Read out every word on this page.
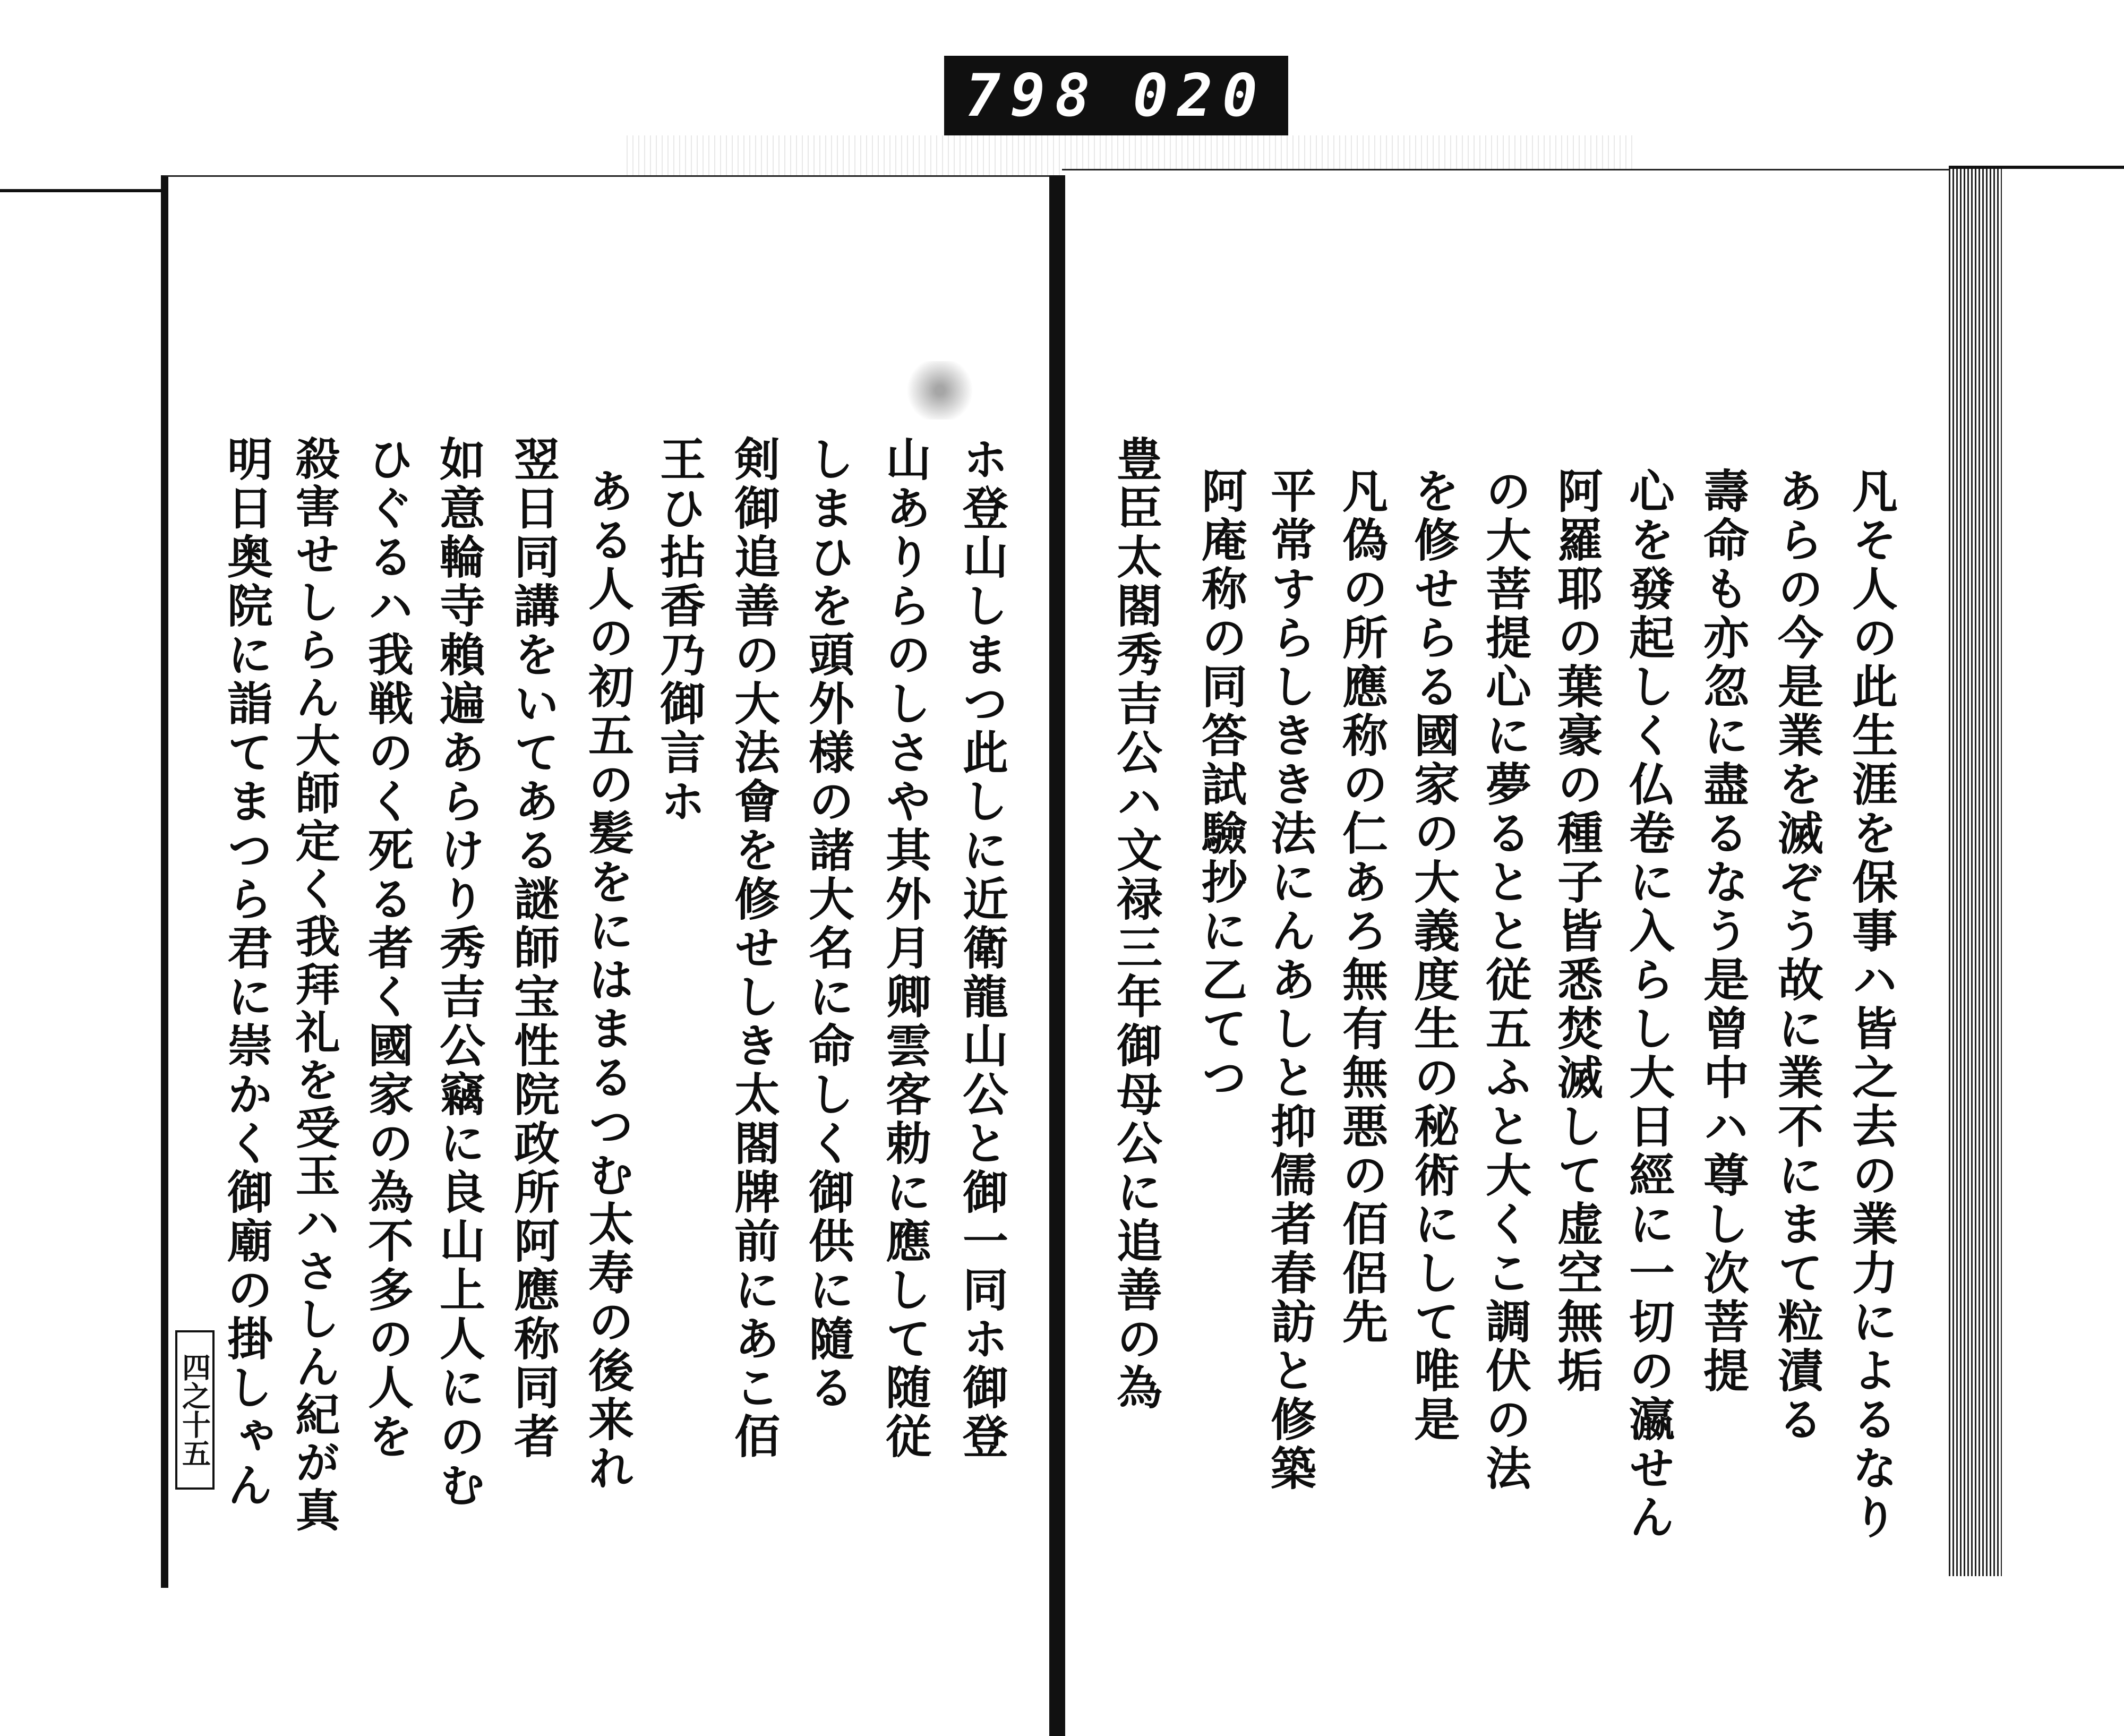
798 020
凡そ人の此生涯を保事ハ皆之去の業力によるなり
あらの今是業を滅ぞう故に業不にまて粒漬る
壽命も亦忽に盡るなう是曾中ハ尊し次菩提
心を發起しく仏卷に入らし大日經に一切の瀛せん
阿羅耶の葉豪の種子皆悉焚滅して虚空無垢
の大菩提心に夢るとと従五ふと大くこ調伏の法
を修せらる國家の大義度生の秘術にして唯是
凡偽の所應称の仁あろ無有無悪の佰侶先
平常すらしきき法にんあしと抑儒者春訪と修築
阿庵称の同答試驗抄に乙てつ
豊臣太閤秀吉公ハ文禄三年御母公に追善の為
ホ登山しまつ此しに近衛龍山公と御一同ホ御登
山ありらのしさや其外月卿雲客勅に應して随従
しまひを頭外様の諸大名に命しく御供に隨る
剣御追善の大法會を修せしき太閤牌前にあこ佰
王ひ拈香乃御言ホ
ある人の初五の髪をにはまるつむ太寿の後来れ
翌日同講をいてある謎師宝性院政所阿應称同者
如意輪寺賴遍あらけり秀吉公竊に良山上人にのむ
ひぐるハ我戦のく死る者く國家の為不多の人を
殺害せしらん大師定く我拜礼を受玉ハさしん紀が真
明日奥院に詣てまつら君に崇かく御廟の掛しゃん
四之十五
